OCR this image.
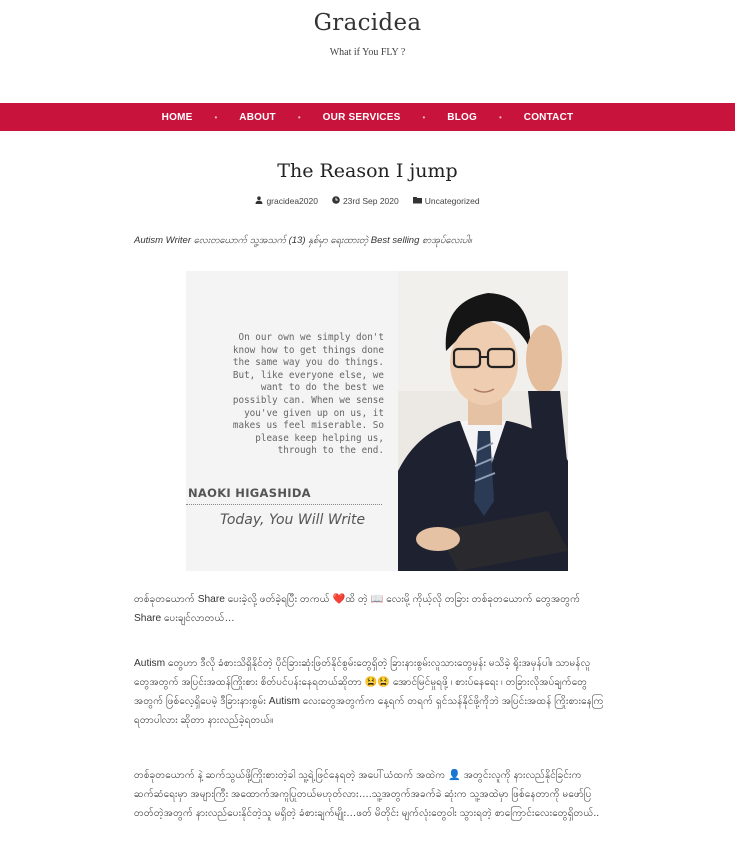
Gracidea
What if You FLY ?
HOME	• ABOUT	• OUR SERVICES	• BLOG	• CONTACT
The Reason I jump
gracidea2020	23rd Sep 2020	Uncategorized
Autism Writer လေးတယောက် သူ့အသက် (13) နှစ်မှာ ရေးထားတဲ့ Best selling စာအုပ်လေးပါ။
On our own we simply don't
know how to get things done
the same way you do things.
But, like everyone else, we
want to do the best we
possibly can. When we sense
you've given up on us, it
makes us feel miserable. So
please keep helping us,
through to the end.
NAOKI HIGASHIDA
Today, You Will Write

တစ်ခုတယောက် Share ပေးခဲ့လို့ ဖတ်ခဲ့ရပြီး တကယ် ❤️ထိ တဲ့ 📖 လေးမို့ ကိုယ့်လို တခြား တစ်ခုတယောက် တွေအတွက် Share ပေးချင်လာတယ်…

Autism တွေဟာ ဒီလို ခံစားသိရှိနိုင်တဲ့ ပိုင်ခြားဆုံးဖြတ်နိုင်စွမ်းတွေရှိတဲ့ ခြားနားစွမ်းလူသားတွေမှန်း မသိခဲ့ ရိုးအမှန်ပါ။ သာမန်လူတွေအတွက် အပြင်းအထန်ကြိုးစား စိတ်ပင်ပန်းနေရတယ်ဆိုတာ 😫😫 အောင်မြင်မှုရဖို့ ၊ စားပ်နေရေး ၊ တခြားလိုအပ်ချက်တွေအတွက် ဖြစ်လေ့ရှိပေမဲ့ ဒီခြားနားစွမ်း Autism လေးတွေအတွက်က နေ့ရက် တရက် ရှင်သန်နိုင်ဖို့ကိုဘဲ အပြင်းအထန် ကြိုးစားနေကြရတာပါလား ဆိုတာ နားလည်ခဲ့ရတယ်။

တစ်ခုတယောက် နဲ့ ဆက်သွယ်ဖို့ကြိုးစားတဲ့ခါ သူ့ရဲ့ဖြင်နေရတဲ့ အပေါ်ယံထက် အထဲက 👤 အတွင်းလူကို နားလည်နိုင်ခြင်းက ဆက်ဆံရေးမှာ အများကြီး အထောက်အကူပြုတယ်မဟုတ်လား….သူ့အတွက်အခက်ခဲ ဆုံးက သူ့အထဲမှာ ဖြစ်နေတာကို မဖော်ပြတတ်တဲ့အတွက် နားလည်ပေးနိုင်တဲ့သူ မရှိတဲ့ ခံစားချက်မျိုး…ဖတ် မိတိုင်း မျက်လုံးတွေဝါး သွားရတဲ့ စာကြောင်းလေးတွေရှိတယ်..
